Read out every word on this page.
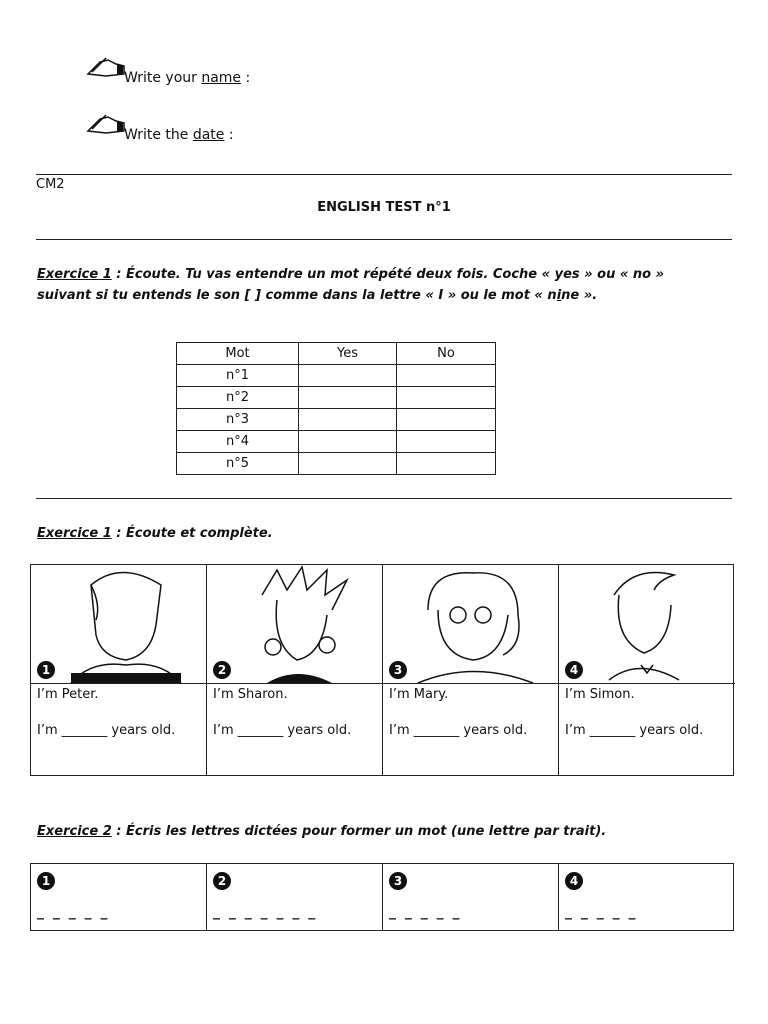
Write your name :
Write the date :
CM2
ENGLISH TEST n°1
Exercice 1 : Écoute. Tu vas entendre un mot répété deux fois. Coche « yes » ou « no »
suivant si tu entends le son [ ] comme dans la lettre « I » ou le mot « nine ».
Mot	Yes	No
n°1		
n°2		
n°3		
n°4		
n°5		
Exercice 1 : Écoute et complète.
1
I’m Peter.
I’m _______ years old.
2
I’m Sharon.
I’m _______ years old.
3
I’m Mary.
I’m _______ years old.
4
I’m Simon.
I’m _______ years old.
Exercice 2 : Écris les lettres dictées pour former un mot (une lettre par trait).
1
_ _ _ _ _
2
_ _ _ _ _ _ _
3
_ _ _ _ _
4
_ _ _ _ _
